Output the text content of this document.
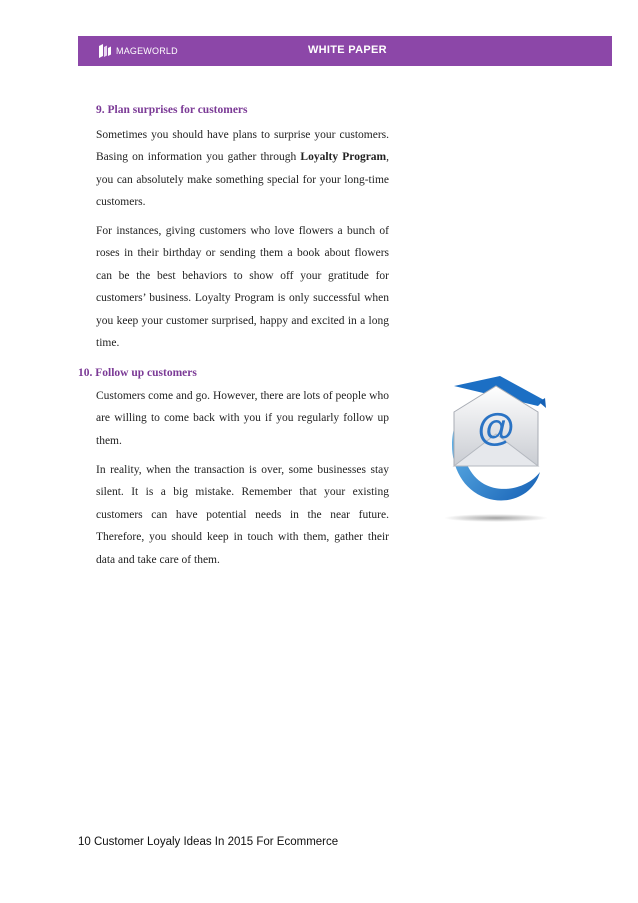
MAGEWORLD	WHITE PAPER
9. Plan surprises for customers
Sometimes you should have plans to surprise your customers. Basing on information you gather through Loyalty Program, you can absolutely make something special for your long-time customers.
For instances, giving customers who love flowers a bunch of roses in their birthday or sending them a book about flowers can be the best behaviors to show off your gratitude for customers’ business. Loyalty Program is only successful when you keep your customer surprised, happy and excited in a long time.
10. Follow up customers
Customers come and go. However, there are lots of people who are willing to come back with you if you regularly follow up them.
In reality, when the transaction is over, some businesses stay silent. It is a big mistake. Remember that your existing customers can have potential needs in the near future. Therefore, you should keep in touch with them, gather their data and take care of them.
@
10 Customer Loyaly Ideas In 2015 For Ecommerce
